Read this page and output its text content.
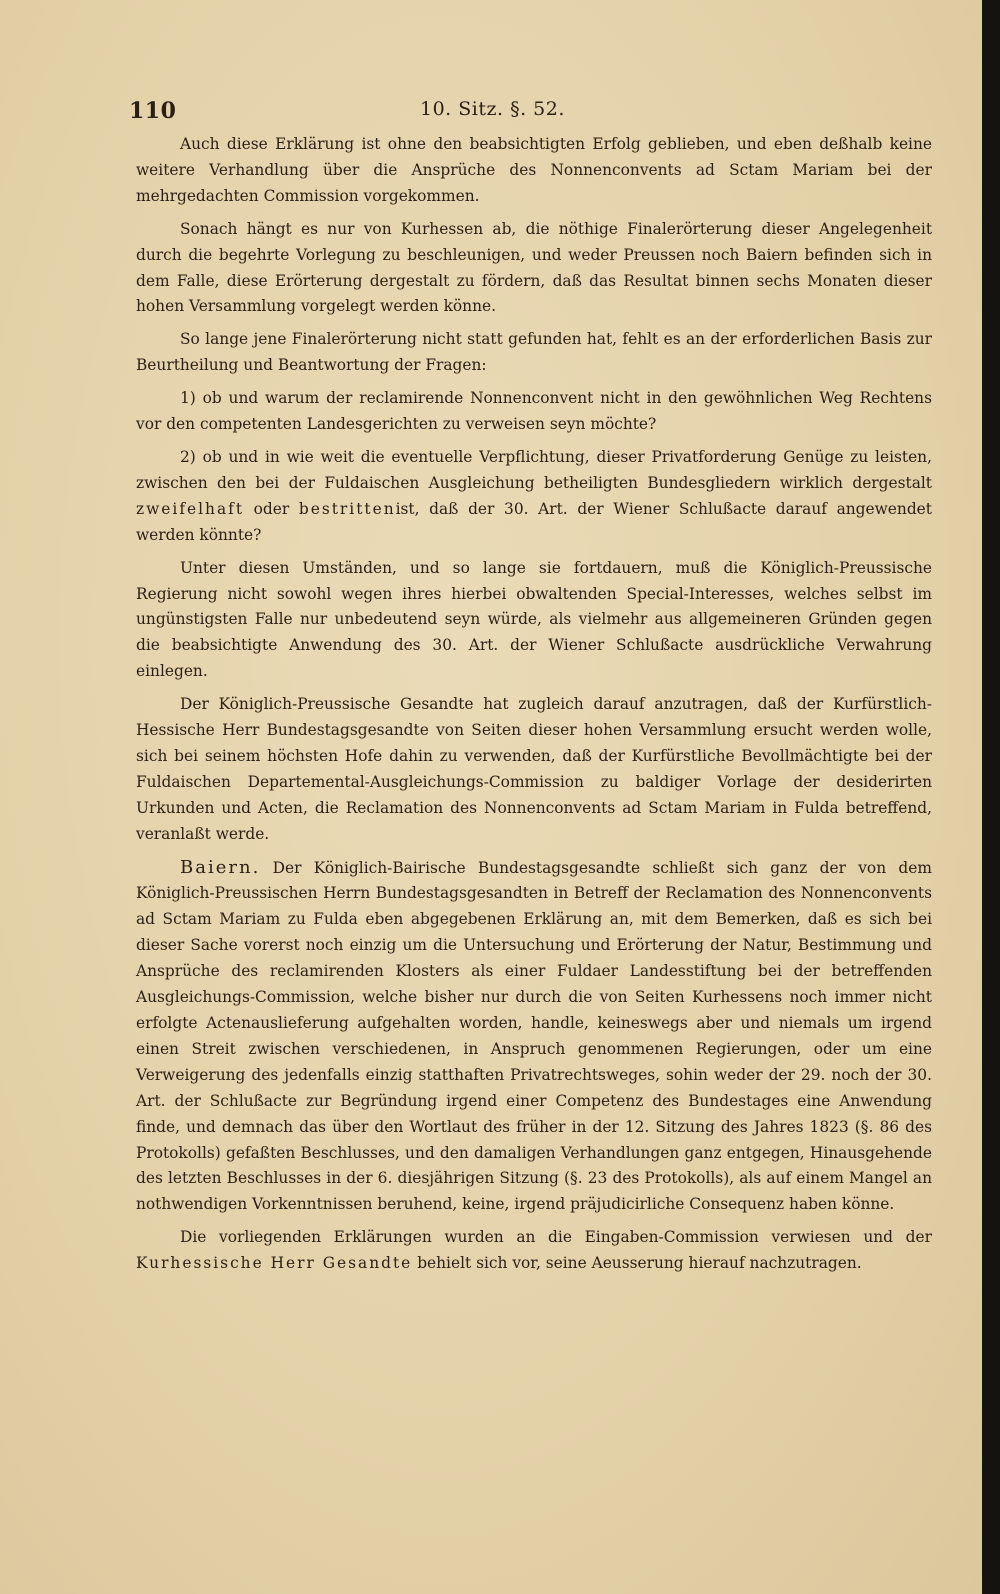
110	10. Sitz. §. 52.

Auch diese Erklärung ist ohne den beabsichtigten Erfolg geblieben, und eben deßhalb keine weitere Verhandlung über die Ansprüche des Nonnenconvents ad Sctam Mariam bei der mehrgedachten Commission vorgekommen.

Sonach hängt es nur von Kurhessen ab, die nöthige Finalerörterung dieser Angelegenheit durch die begehrte Vorlegung zu beschleunigen, und weder Preussen noch Baiern befinden sich in dem Falle, diese Erörterung dergestalt zu fördern, daß das Resultat binnen sechs Monaten dieser hohen Versammlung vorgelegt werden könne.

So lange jene Finalerörterung nicht statt gefunden hat, fehlt es an der erforderlichen Basis zur Beurtheilung und Beantwortung der Fragen:

1) ob und warum der reclamirende Nonnenconvent nicht in den gewöhnlichen Weg Rechtens vor den competenten Landesgerichten zu verweisen seyn möchte?

2) ob und in wie weit die eventuelle Verpflichtung, dieser Privatforderung Genüge zu leisten, zwischen den bei der Fuldaischen Ausgleichung betheiligten Bundesgliedern wirklich dergestalt zweifelhaft oder bestrittenist, daß der 30. Art. der Wiener Schlußacte darauf angewendet werden könnte?

Unter diesen Umständen, und so lange sie fortdauern, muß die Königlich-Preussische Regierung nicht sowohl wegen ihres hierbei obwaltenden Special-Interesses, welches selbst im ungünstigsten Falle nur unbedeutend seyn würde, als vielmehr aus allgemeineren Gründen gegen die beabsichtigte Anwendung des 30. Art. der Wiener Schlußacte ausdrückliche Verwahrung einlegen.

Der Königlich-Preussische Gesandte hat zugleich darauf anzutragen, daß der Kurfürstlich-Hessische Herr Bundestagsgesandte von Seiten dieser hohen Versammlung ersucht werden wolle, sich bei seinem höchsten Hofe dahin zu verwenden, daß der Kurfürstliche Bevollmächtigte bei der Fuldaischen Departemental-Ausgleichungs-Commission zu baldiger Vorlage der desiderirten Urkunden und Acten, die Reclamation des Nonnenconvents ad Sctam Mariam in Fulda betreffend, veranlaßt werde.

Baiern. Der Königlich-Bairische Bundestagsgesandte schließt sich ganz der von dem Königlich-Preussischen Herrn Bundestagsgesandten in Betreff der Reclamation des Nonnenconvents ad Sctam Mariam zu Fulda eben abgegebenen Erklärung an, mit dem Bemerken, daß es sich bei dieser Sache vorerst noch einzig um die Untersuchung und Erörterung der Natur, Bestimmung und Ansprüche des reclamirenden Klosters als einer Fuldaer Landesstiftung bei der betreffenden Ausgleichungs-Commission, welche bisher nur durch die von Seiten Kurhessens noch immer nicht erfolgte Actenauslieferung aufgehalten worden, handle, keineswegs aber und niemals um irgend einen Streit zwischen verschiedenen, in Anspruch genommenen Regierungen, oder um eine Verweigerung des jedenfalls einzig statthaften Privatrechtsweges, sohin weder der 29. noch der 30. Art. der Schlußacte zur Begründung irgend einer Competenz des Bundestages eine Anwendung finde, und demnach das über den Wortlaut des früher in der 12. Sitzung des Jahres 1823 (§. 86 des Protokolls) gefaßten Beschlusses, und den damaligen Verhandlungen ganz entgegen, Hinausgehende des letzten Beschlusses in der 6. diesjährigen Sitzung (§. 23 des Protokolls), als auf einem Mangel an nothwendigen Vorkenntnissen beruhend, keine, irgend präjudicirliche Consequenz haben könne.

Die vorliegenden Erklärungen wurden an die Eingaben-Commission verwiesen und der Kurhessische Herr Gesandte behielt sich vor, seine Aeusserung hierauf nachzutragen.
